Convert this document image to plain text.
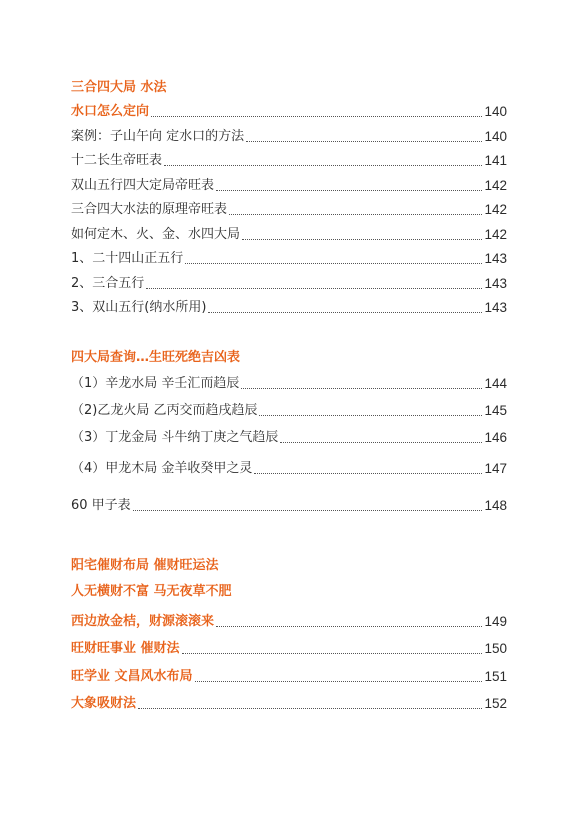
三合四大局 水法
水口怎么定向	140
案例：子山午向 定水口的方法	140
十二长生帝旺表	141
双山五行四大定局帝旺表	142
三合四大水法的原理帝旺表	142
如何定木、火、金、水四大局	142
1、二十四山正五行	143
2、三合五行	143
3、双山五行(纳水所用)	143
四大局查询…生旺死绝吉凶表
（1）辛龙水局 辛壬汇而趋辰	144
（2)乙龙火局 乙丙交而趋戌趋辰	145
（3）丁龙金局 斗牛纳丁庚之气趋辰	146
（4）甲龙木局 金羊收癸甲之灵	147
60 甲子表	148
阳宅催财布局 催财旺运法
人无横财不富 马无夜草不肥
西边放金桔，财源滚滚来	149
旺财旺事业 催财法	150
旺学业 文昌风水布局	151
大象吸财法	152
